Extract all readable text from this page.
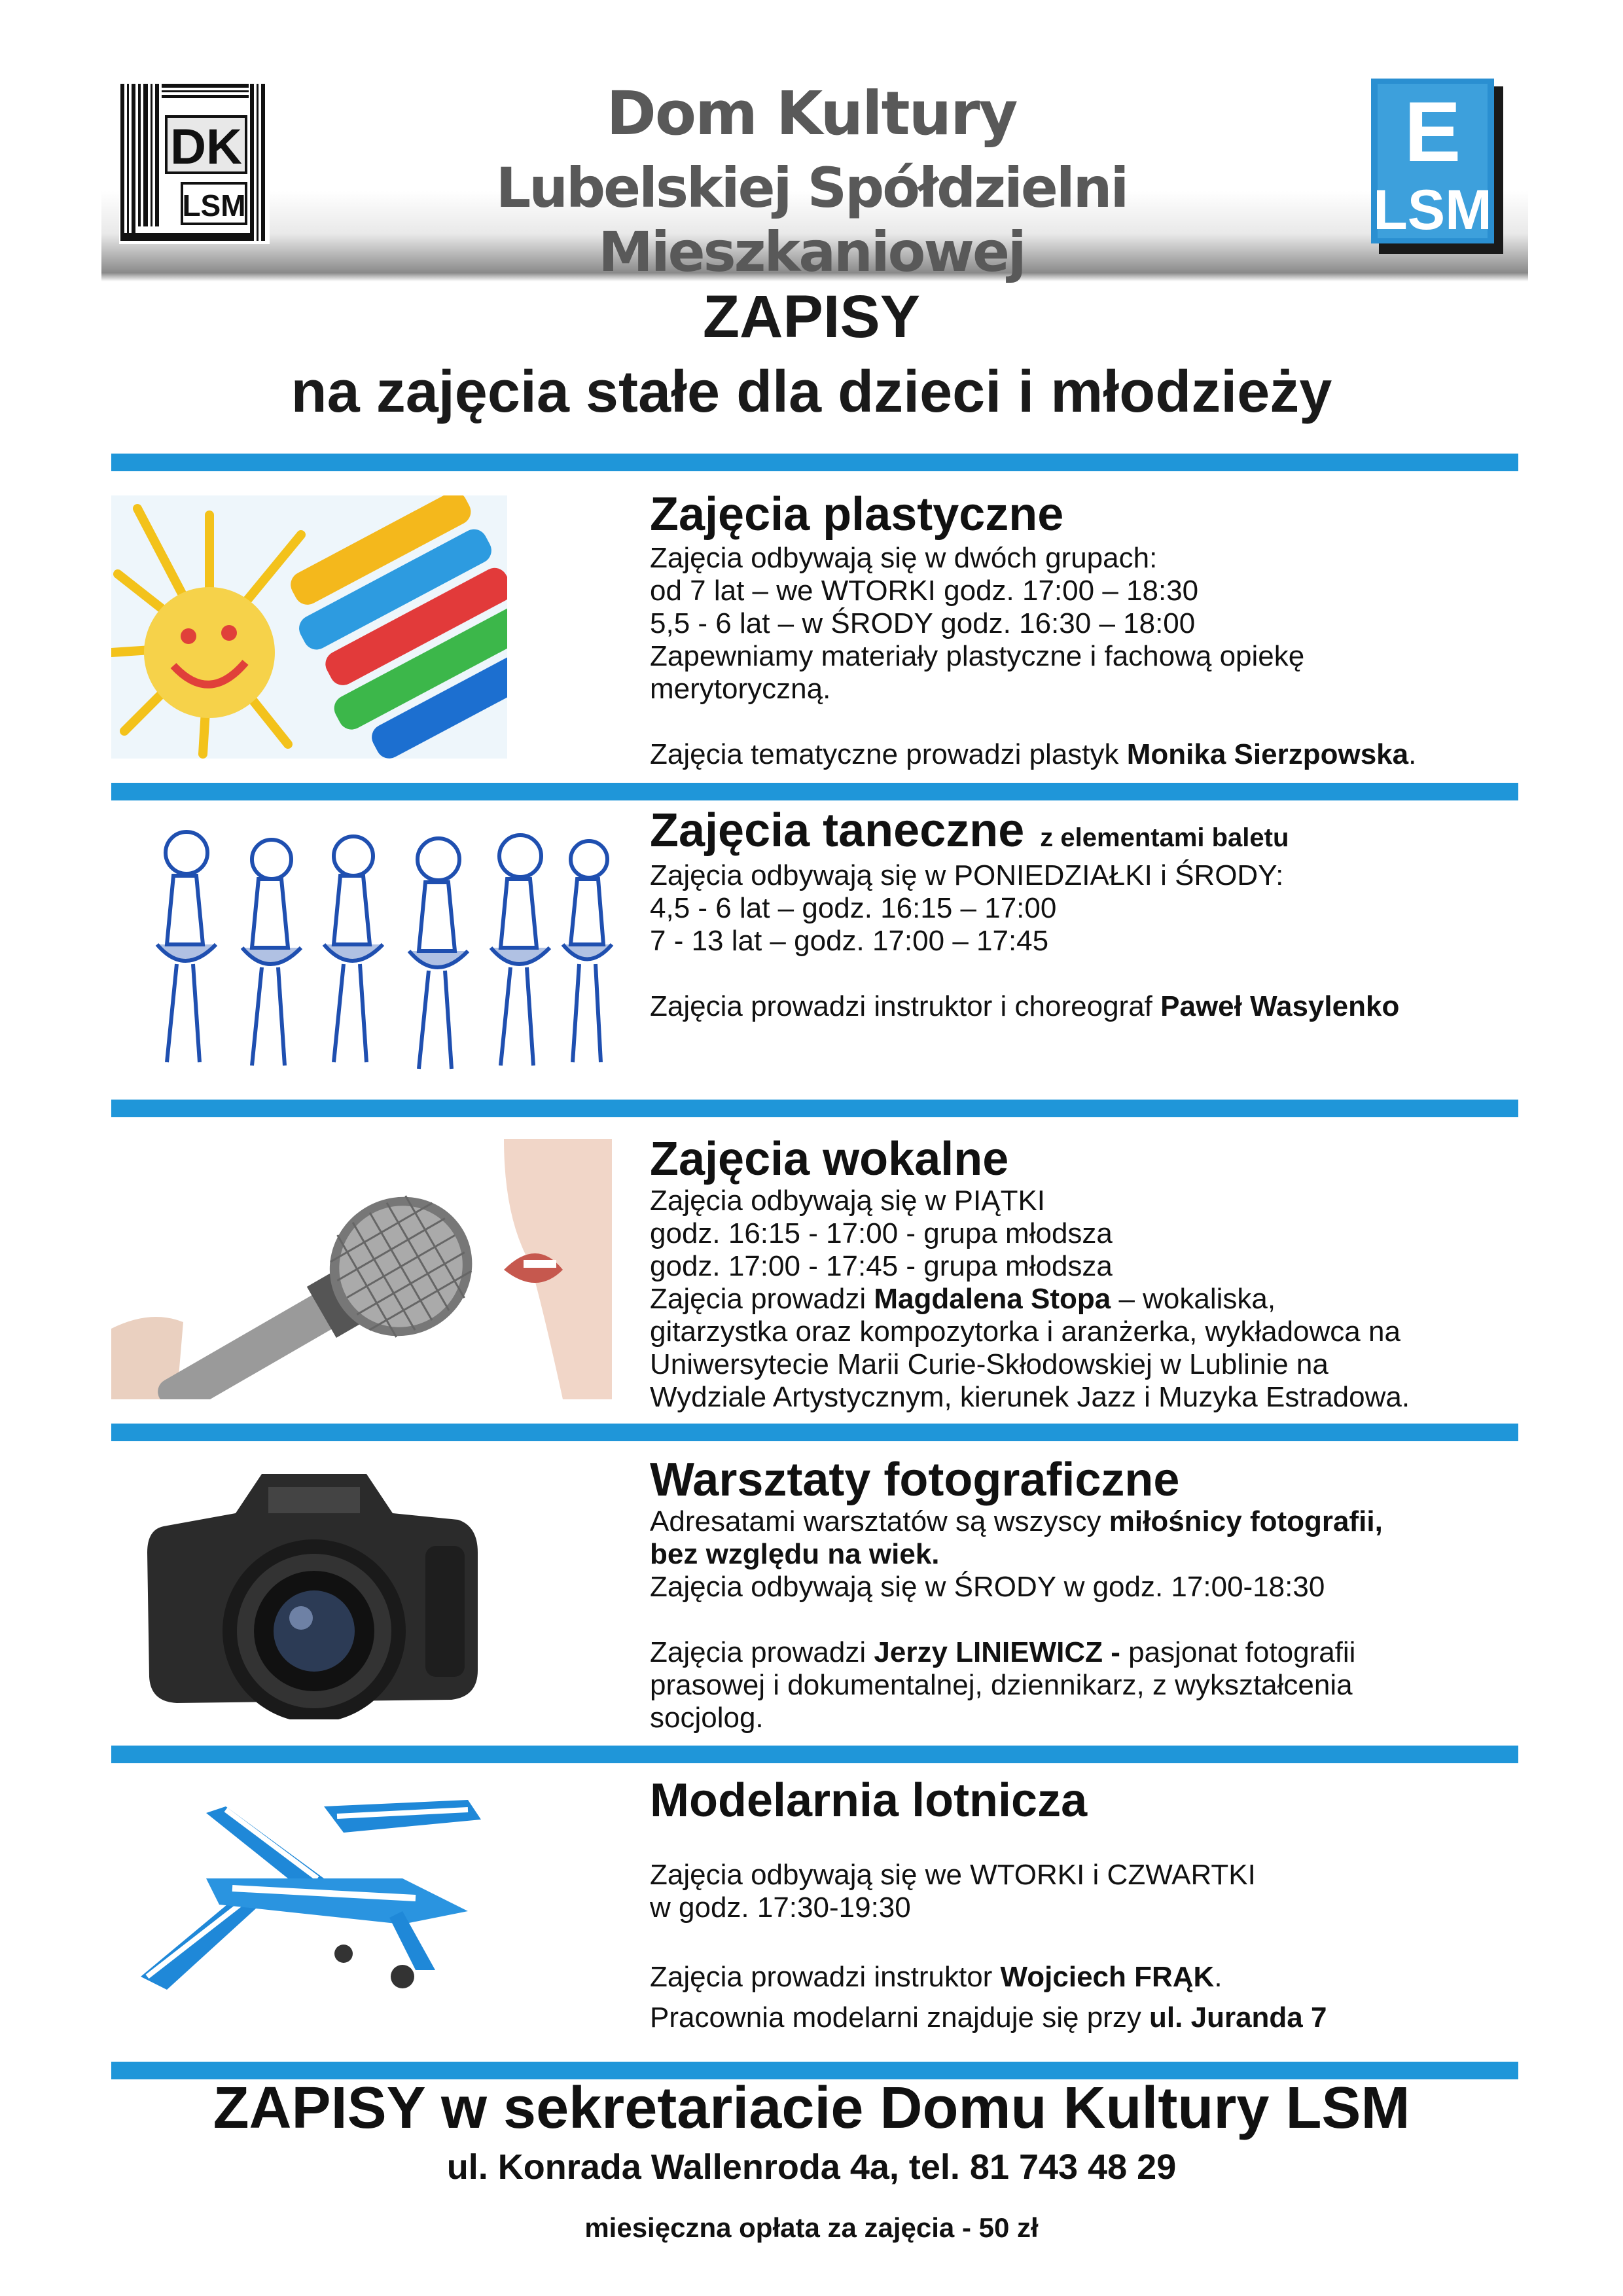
DK
LSM
Dom Kultury
Lubelskiej Spółdzielni Mieszkaniowej
E
LSM
ZAPISY
na zajęcia stałe dla dzieci i młodzieży
Zajęcia plastyczne
Zajęcia odbywają się w dwóch grupach:
od 7 lat – we WTORKI godz. 17:00 – 18:30
5,5 - 6 lat – w ŚRODY godz. 16:30 – 18:00
Zapewniamy materiały plastyczne i fachową opiekę
merytoryczną.
Zajęcia tematyczne prowadzi plastyk Monika Sierzpowska.
Zajęcia taneczne z elementami baletu
Zajęcia odbywają się w PONIEDZIAŁKI i ŚRODY:
4,5 - 6 lat – godz. 16:15 – 17:00
7 - 13 lat – godz. 17:00 – 17:45
Zajęcia prowadzi instruktor i choreograf Paweł Wasylenko
Zajęcia wokalne
Zajęcia odbywają się w PIĄTKI
godz. 16:15 - 17:00 - grupa młodsza
godz. 17:00 - 17:45 - grupa młodsza
Zajęcia prowadzi Magdalena Stopa – wokaliska,
gitarzystka oraz kompozytorka i aranżerka, wykładowca na
Uniwersytecie Marii Curie-Skłodowskiej w Lublinie na
Wydziale Artystycznym, kierunek Jazz i Muzyka Estradowa.
Warsztaty fotograficzne
Adresatami warsztatów są wszyscy miłośnicy fotografii,
bez względu na wiek.
Zajęcia odbywają się w ŚRODY w godz. 17:00-18:30
Zajęcia prowadzi Jerzy LINIEWICZ - pasjonat fotografii
prasowej i dokumentalnej, dziennikarz, z wykształcenia
socjolog.
Modelarnia lotnicza
Zajęcia odbywają się we WTORKI i CZWARTKI
w godz. 17:30-19:30
Zajęcia prowadzi instruktor Wojciech FRĄK.
Pracownia modelarni znajduje się przy ul. Juranda 7
ZAPISY w sekretariacie Domu Kultury LSM
ul. Konrada Wallenroda 4a, tel. 81 743 48 29
miesięczna opłata za zajęcia - 50 zł
